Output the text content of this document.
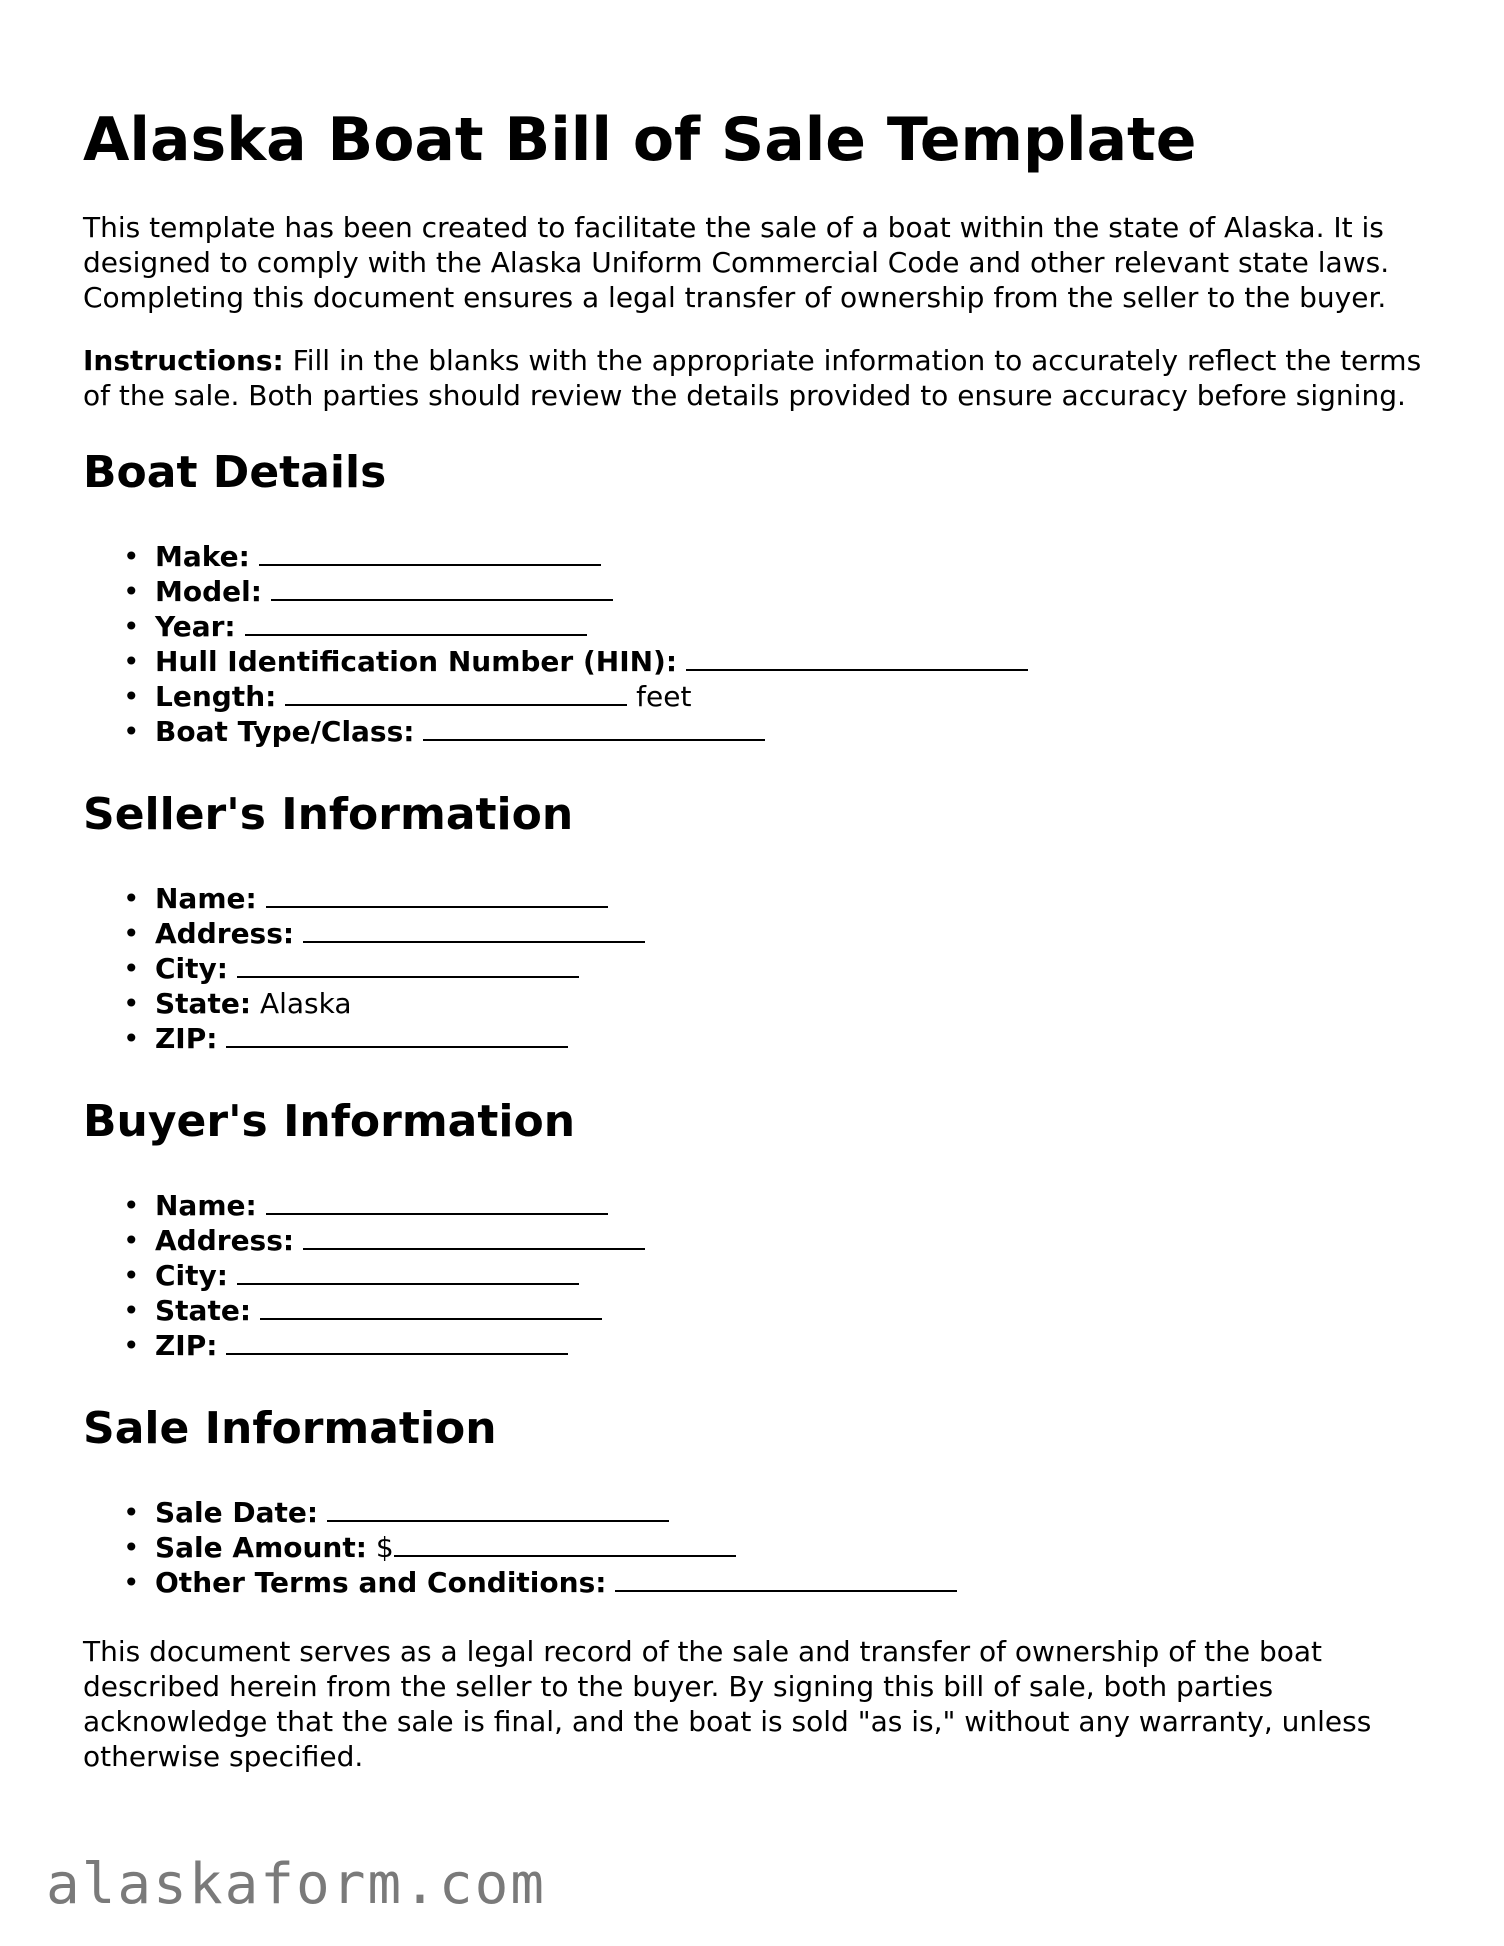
Alaska Boat Bill of Sale Template

This template has been created to facilitate the sale of a boat within the state of Alaska. It is designed to comply with the Alaska Uniform Commercial Code and other relevant state laws. Completing this document ensures a legal transfer of ownership from the seller to the buyer.

Instructions: Fill in the blanks with the appropriate information to accurately reflect the terms of the sale. Both parties should review the details provided to ensure accuracy before signing.

Boat Details
• Make:
• Model:
• Year:
• Hull Identification Number (HIN):
• Length:	feet
• Boat Type/Class:
Seller's Information
• Name:
• Address:
• City:
• State: Alaska
• ZIP:
Buyer's Information
• Name:
• Address:
• City:
• State:
• ZIP:
Sale Information
• Sale Date:
• Sale Amount: $
• Other Terms and Conditions:

This document serves as a legal record of the sale and transfer of ownership of the boat described herein from the seller to the buyer. By signing this bill of sale, both parties acknowledge that the sale is final, and the boat is sold "as is," without any warranty, unless otherwise specified.

alaskaform.com
